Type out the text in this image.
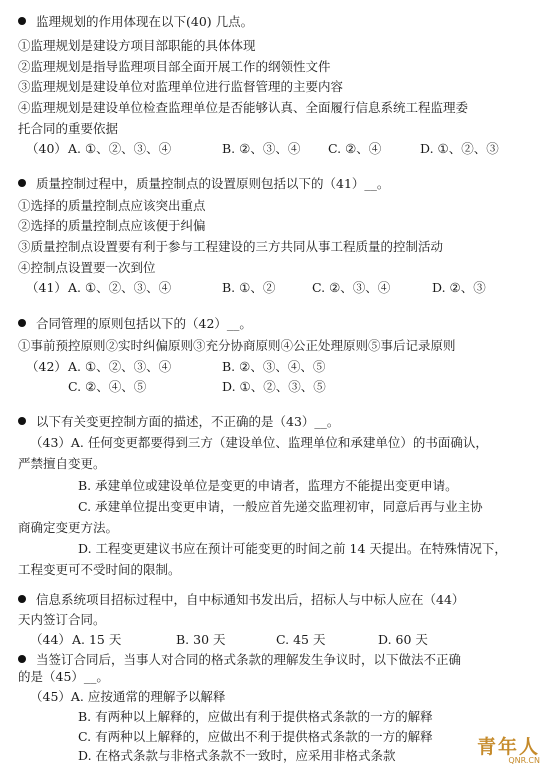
监理规划的作用体现在以下(40) 几点。
①监理规划是建设方项目部职能的具体体现
②监理规划是指导监理项目部全面开展工作的纲领性文件
③监理规划是建设单位对监理单位进行监督管理的主要内容
④监理规划是建设单位检查监理单位是否能够认真、全面履行信息系统工程监理委
托合同的重要依据
（40） A. ①、②、③、④	B. ②、③、④ C. ②、④	D. ①、②、③
质量控制过程中，质量控制点的设置原则包括以下的（41）__。
①选择的质量控制点应该突出重点
②选择的质量控制点应该便于纠偏
③质量控制点设置要有利于参与工程建设的三方共同从事工程质量的控制活动
④控制点设置要一次到位
（41） A. ①、②、③、④	B. ①、②	C. ②、③、④	D. ②、③
合同管理的原则包括以下的（42）__。
①事前预控原则②实时纠偏原则③充分协商原则④公正处理原则⑤事后记录原则
（42） A. ①、②、③、④	B. ②、③、④、⑤
C. ②、④、⑤	D. ①、②、③、⑤
以下有关变更控制方面的描述，不正确的是（43）__。
（43）A. 任何变更都要得到三方（建设单位、监理单位和承建单位）的书面确认，
严禁擅自变更。
B. 承建单位或建设单位是变更的申请者，监理方不能提出变更申请。
C. 承建单位提出变更申请，一般应首先递交监理初审，同意后再与业主协
商确定变更方法。
D. 工程变更建议书应在预计可能变更的时间之前 14 天提出。在特殊情况下，
工程变更可不受时间的限制。
信息系统项目招标过程中，自中标通知书发出后，招标人与中标人应在（44）
天内签订合同。
（44） A. 15 天	B. 30 天	C. 45 天	D. 60 天
当签订合同后，当事人对合同的格式条款的理解发生争议时，以下做法不正确
的是（45）__。
（45）A. 应按通常的理解予以解释
B. 有两种以上解释的，应做出有利于提供格式条款的一方的解释
C. 有两种以上解释的，应做出不利于提供格式条款的一方的解释
D. 在格式条款与非格式条款不一致时，应采用非格式条款	青年人
QNR.CN
